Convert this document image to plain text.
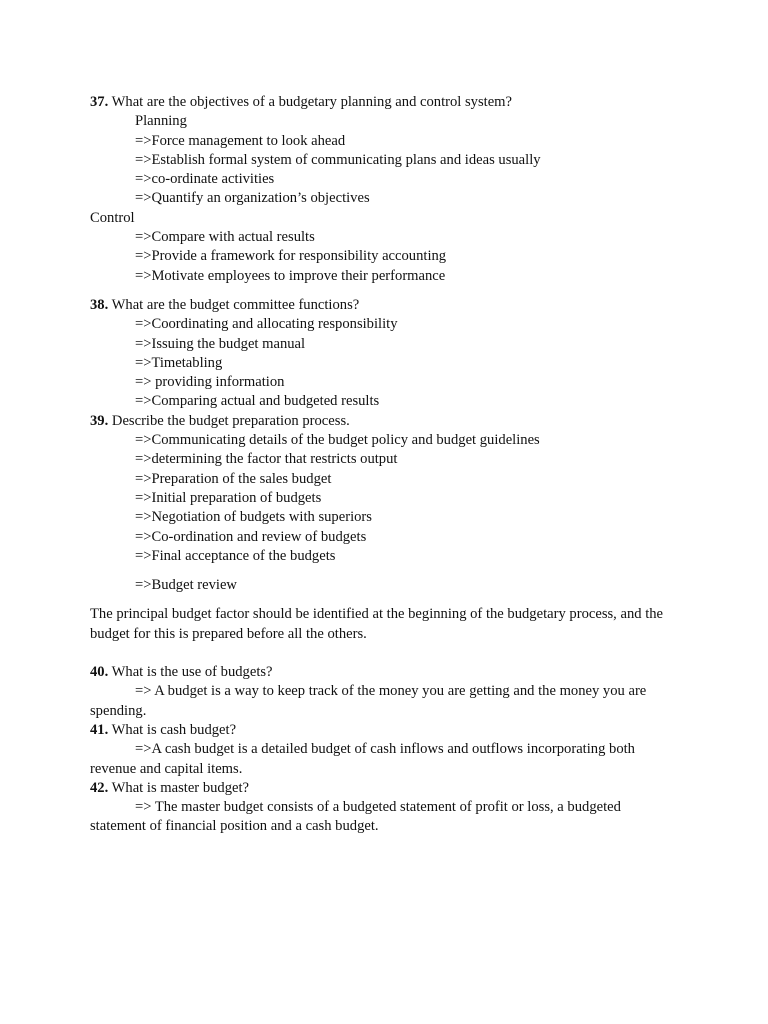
37. What are the objectives of a budgetary planning and control system?
Planning
=>Force management to look ahead
=>Establish formal system of communicating plans and ideas usually
=>co-ordinate activities
=>Quantify an organization’s objectives
Control
=>Compare with actual results
=>Provide a framework for responsibility accounting
=>Motivate employees to improve their performance
38. What are the budget committee functions?
=>Coordinating and allocating responsibility
=>Issuing the budget manual
=>Timetabling
=> providing information
=>Comparing actual and budgeted results
39. Describe the budget preparation process.
=>Communicating details of the budget policy and budget guidelines
=>determining the factor that restricts output
=>Preparation of the sales budget
=>Initial preparation of budgets
=>Negotiation of budgets with superiors
=>Co-ordination and review of budgets
=>Final acceptance of the budgets
=>Budget review
The principal budget factor should be identified at the beginning of the budgetary process, and the budget for this is prepared before all the others.
40. What is the use of budgets?
=> A budget is a way to keep track of the money you are getting and the money you are spending.
41. What is cash budget?
=>A cash budget is a detailed budget of cash inflows and outflows incorporating both revenue and capital items.
42. What is master budget?
=> The master budget consists of a budgeted statement of profit or loss, a budgeted statement of financial position and a cash budget.
